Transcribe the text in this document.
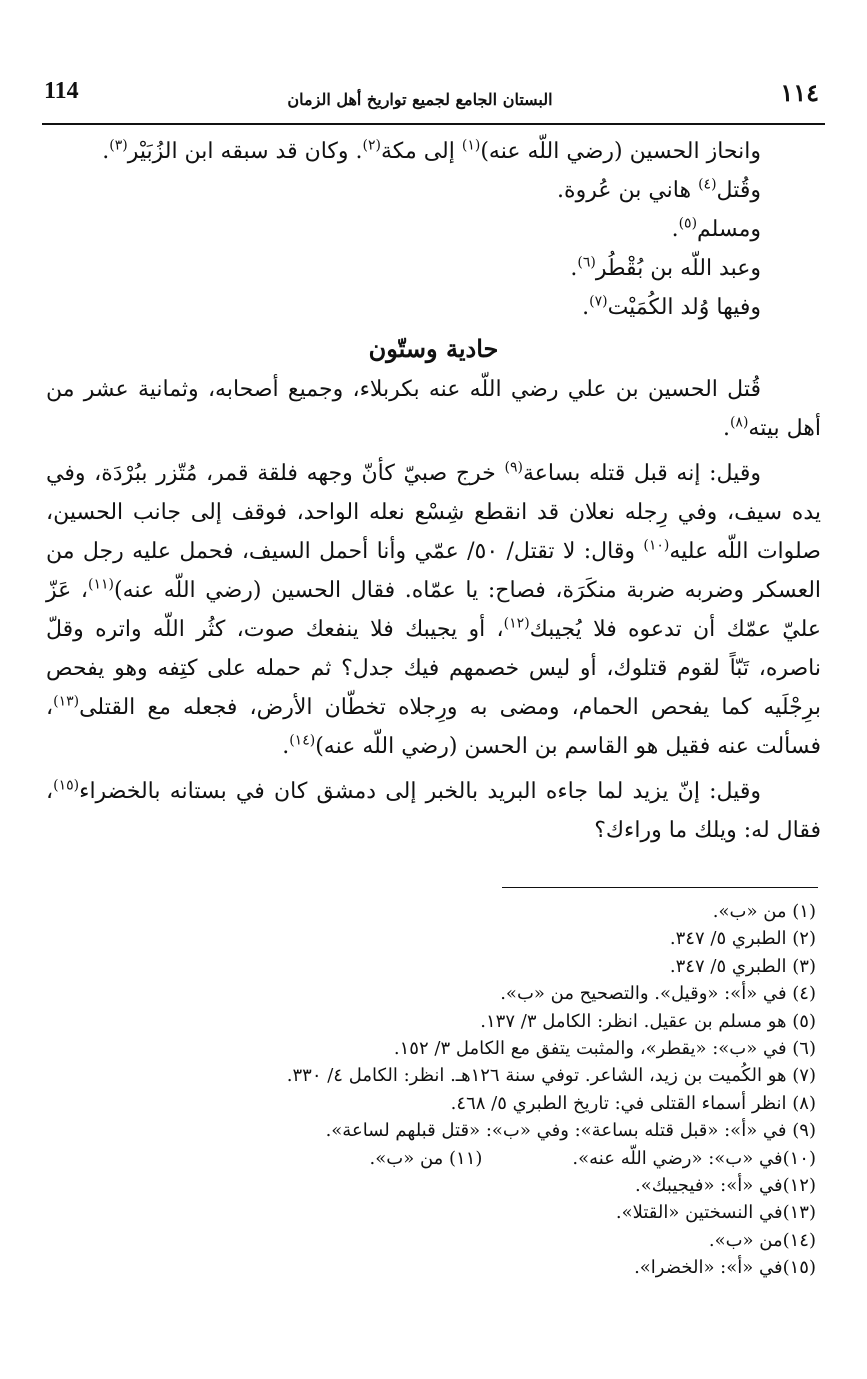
114	البستان الجامع لجميع تواريخ أهل الزمان	١١٤

وانحاز الحسين (رضي اللّه عنه)$^{(١)}$ إلى مكة$^{(٢)}$. وكان قد سبقه ابن الزُبَيْر$^{(٣)}$.

وقُتل$^{(٤)}$ هاني بن عُروة.

ومسلم$^{(٥)}$.

وعبد اللّه بن بُقْطُر$^{(٦)}$.

وفيها وُلد الكُمَيْت$^{(٧)}$.

حادية وستّون

قُتل الحسين بن علي رضي اللّه عنه بكربلاء، وجميع أصحابه، وثمانية عشر من أهل بيته$^{(٨)}$.

وقيل: إنه قبل قتله بساعة$^{(٩)}$ خرج صبيّ كأنّ وجهه فلقة قمر، مُتّزر ببُرْدَة، وفي يده سيف، وفي رِجله نعلان قد انقطع شِسْع نعله الواحد، فوقف إلى جانب الحسين، صلوات اللّه عليه$^{(١٠)}$ وقال: لا تقتل/ ٥٠/ عمّي وأنا أحمل السيف، فحمل عليه رجل من العسكر وضربه ضربة منكَرَة، فصاح: يا عمّاه. فقال الحسين (رضي اللّه عنه)$^{(١١)}$، عَزّ عليّ عمّك أن تدعوه فلا يُجيبك$^{(١٢)}$، أو يجيبك فلا ينفعك صوت، كثُر اللّه واتره وقلّ ناصره، تَبّاً لقوم قتلوك، أو ليس خصمهم فيك جدل؟ ثم حمله على كتِفه وهو يفحص برِجْلَيه كما يفحص الحمام، ومضى به ورِجلاه تخطّان الأرض، فجعله مع القتلى$^{(١٣)}$، فسألت عنه فقيل هو القاسم بن الحسن (رضي اللّه عنه)$^{(١٤)}$.

وقيل: إنّ يزيد لما جاءه البريد بالخبر إلى دمشق كان في بستانه بالخضراء$^{(١٥)}$، فقال له: ويلك ما وراءك؟

(١) من «ب».

(٢) الطبري ٥/ ٣٤٧.

(٣) الطبري ٥/ ٣٤٧.

(٤) في «أ»: «وقيل». والتصحيح من «ب».

(٥) هو مسلم بن عقيل. انظر: الكامل ٣/ ١٣٧.

(٦) في «ب»: «يقطر»، والمثبت يتفق مع الكامل ٣/ ١٥٢.

(٧) هو الكُميت بن زيد، الشاعر. توفي سنة ١٢٦هـ. انظر: الكامل ٤/ ٣٣٠.

(٨) انظر أسماء القتلى في: تاريخ الطبري ٥/ ٤٦٨.

(٩) في «أ»: «قبل قتله بساعة»: وفي «ب»: «قتل قبلهم لساعة».

(١٠)في «ب»: «رضي اللّه عنه».
(١١) من «ب».

(١٢)في «أ»: «فيجيبك».

(١٣)في النسختين «القتلا».

(١٤)من «ب».

(١٥)في «أ»: «الخضرا».
